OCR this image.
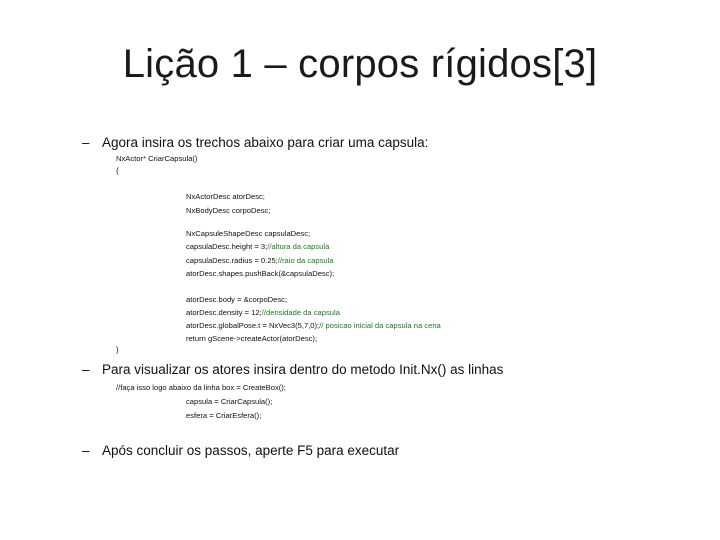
Lição 1 – corpos rígidos[3]
– Agora insira os trechos abaixo para criar uma capsula:
NxActor* CriarCapsula()
{
NxActorDesc atorDesc;
NxBodyDesc corpoDesc;
NxCapsuleShapeDesc capsulaDesc;
capsulaDesc.height = 3;//altura da capsula
capsulaDesc.radius = 0.25;//raio da capsula
atorDesc.shapes.pushBack(&capsulaDesc);
atorDesc.body = &corpoDesc;
atorDesc.density = 12;//densidade da capsula
atorDesc.globalPose.t = NxVec3(5,7,0);// posicao inicial da capsula na cena
return gScene->createActor(atorDesc);
}
– Para visualizar os atores insira dentro do metodo Init.Nx() as linhas
//faça isso logo abaixo da linha box = CreateBox();
capsula = CriarCapsula();
esfera = CriarEsfera();
– Após concluir os passos, aperte F5 para executar
